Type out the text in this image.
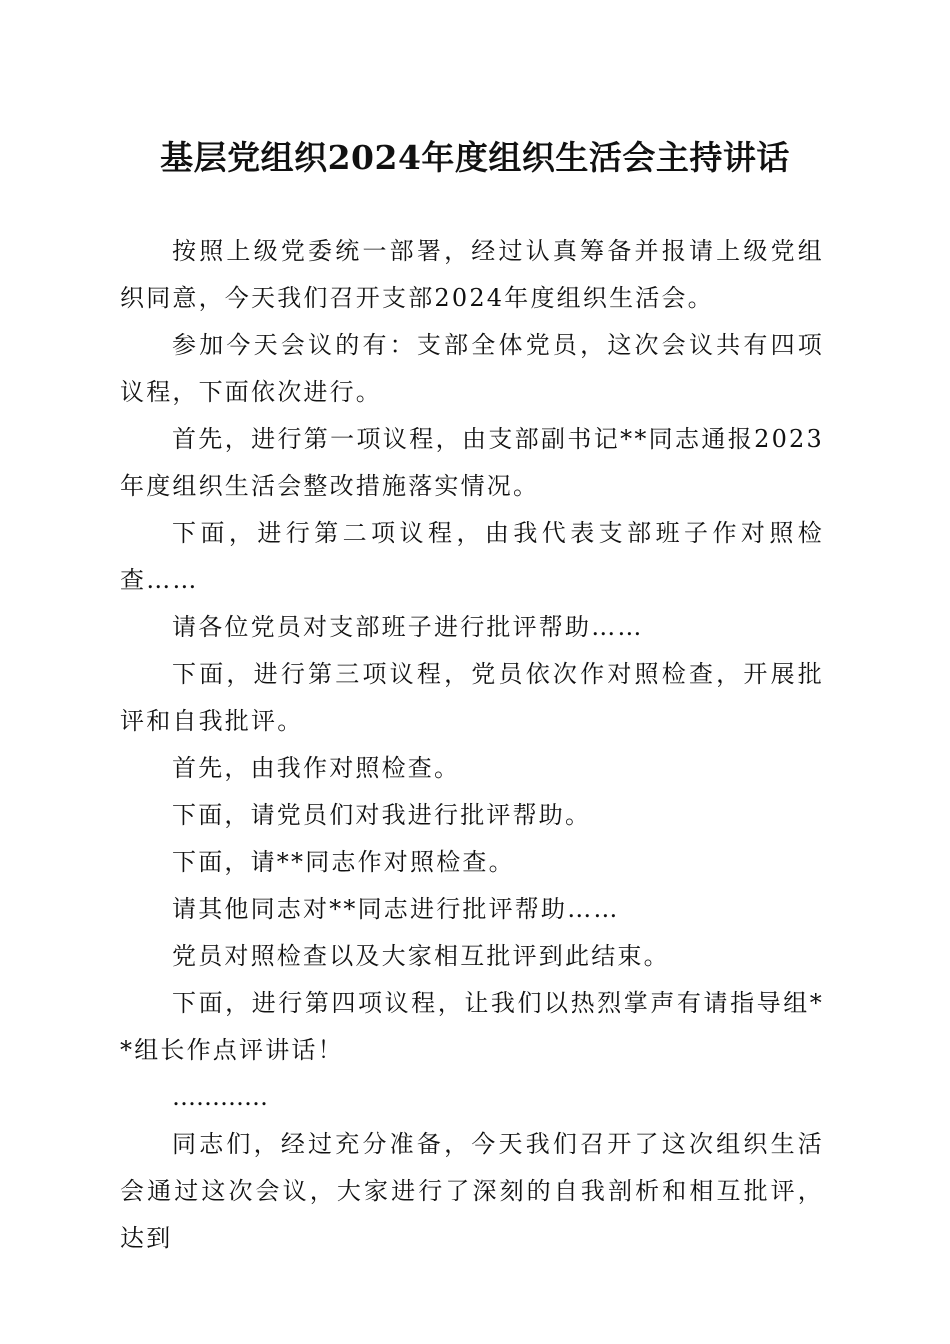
基层党组织2024年度组织生活会主持讲话

按照上级党委统一部署，经过认真筹备并报请上级党组织同意，今天我们召开支部2024年度组织生活会。

参加今天会议的有：支部全体党员，这次会议共有四项议程，下面依次进行。

首先，进行第一项议程，由支部副书记**同志通报2023年度组织生活会整改措施落实情况。

下面，进行第二项议程，由我代表支部班子作对照检查……

请各位党员对支部班子进行批评帮助……

下面，进行第三项议程，党员依次作对照检查，开展批评和自我批评。

首先，由我作对照检查。

下面，请党员们对我进行批评帮助。

下面，请**同志作对照检查。

请其他同志对**同志进行批评帮助……

党员对照检查以及大家相互批评到此结束。

下面，进行第四项议程，让我们以热烈掌声有请指导组**组长作点评讲话！

…………

同志们，经过充分准备，今天我们召开了这次组织生活会通过这次会议，大家进行了深刻的自我剖析和相互批评，达到
